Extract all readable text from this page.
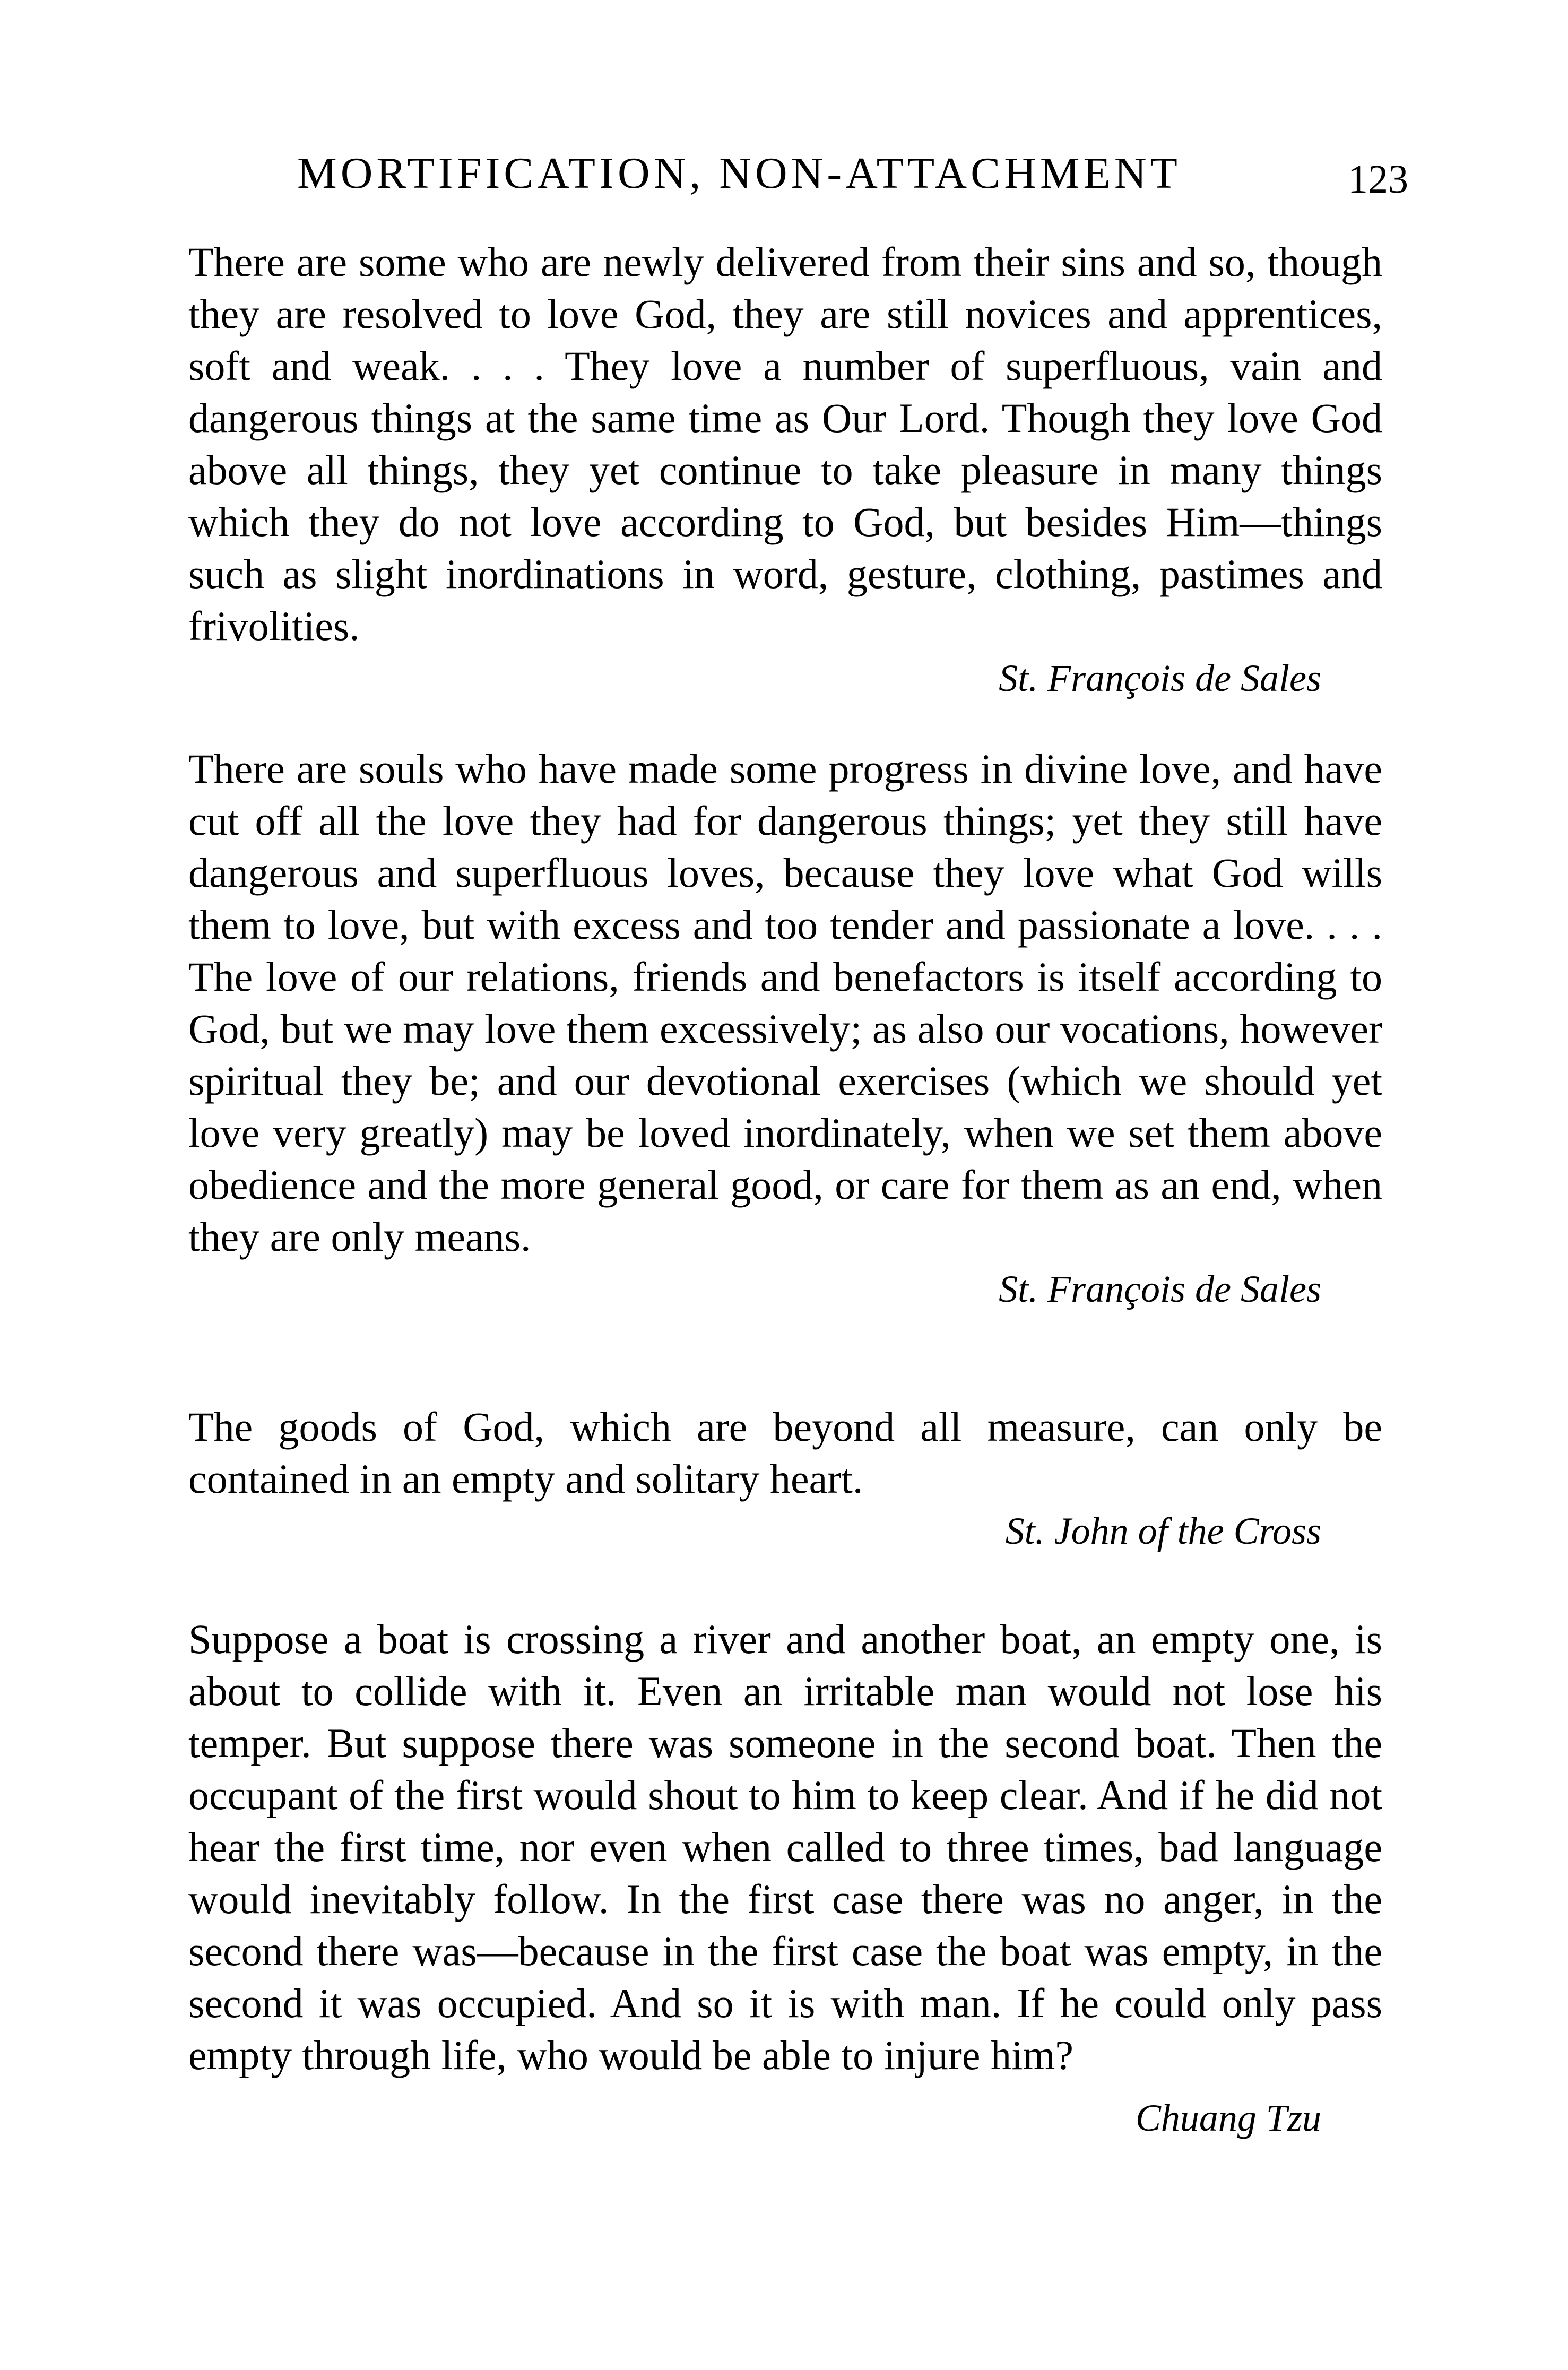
MORTIFICATION, NON-ATTACHMENT	123

There are some who are newly delivered from their sins and so, though they are resolved to love God, they are still novices and apprentices, soft and weak. . . . They love a number of superfluous, vain and dangerous things at the same time as Our Lord. Though they love God above all things, they yet continue to take pleasure in many things which they do not love according to God, but besides Him—things such as slight inordinations in word, gesture, clothing, pastimes and frivolities.

St. François de Sales

There are souls who have made some progress in divine love, and have cut off all the love they had for dangerous things; yet they still have dangerous and superfluous loves, because they love what God wills them to love, but with excess and too tender and passionate a love. . . . The love of our relations, friends and benefactors is itself according to God, but we may love them excessively; as also our vocations, however spiritual they be; and our devotional exercises (which we should yet love very greatly) may be loved inordinately, when we set them above obedience and the more general good, or care for them as an end, when they are only means.

St. François de Sales

The goods of God, which are beyond all measure, can only be contained in an empty and solitary heart.

St. John of the Cross

Suppose a boat is crossing a river and another boat, an empty one, is about to collide with it. Even an irritable man would not lose his temper. But suppose there was someone in the second boat. Then the occupant of the first would shout to him to keep clear. And if he did not hear the first time, nor even when called to three times, bad language would inevitably follow. In the first case there was no anger, in the second there was—because in the first case the boat was empty, in the second it was occupied. And so it is with man. If he could only pass empty through life, who would be able to injure him?

Chuang Tzu
